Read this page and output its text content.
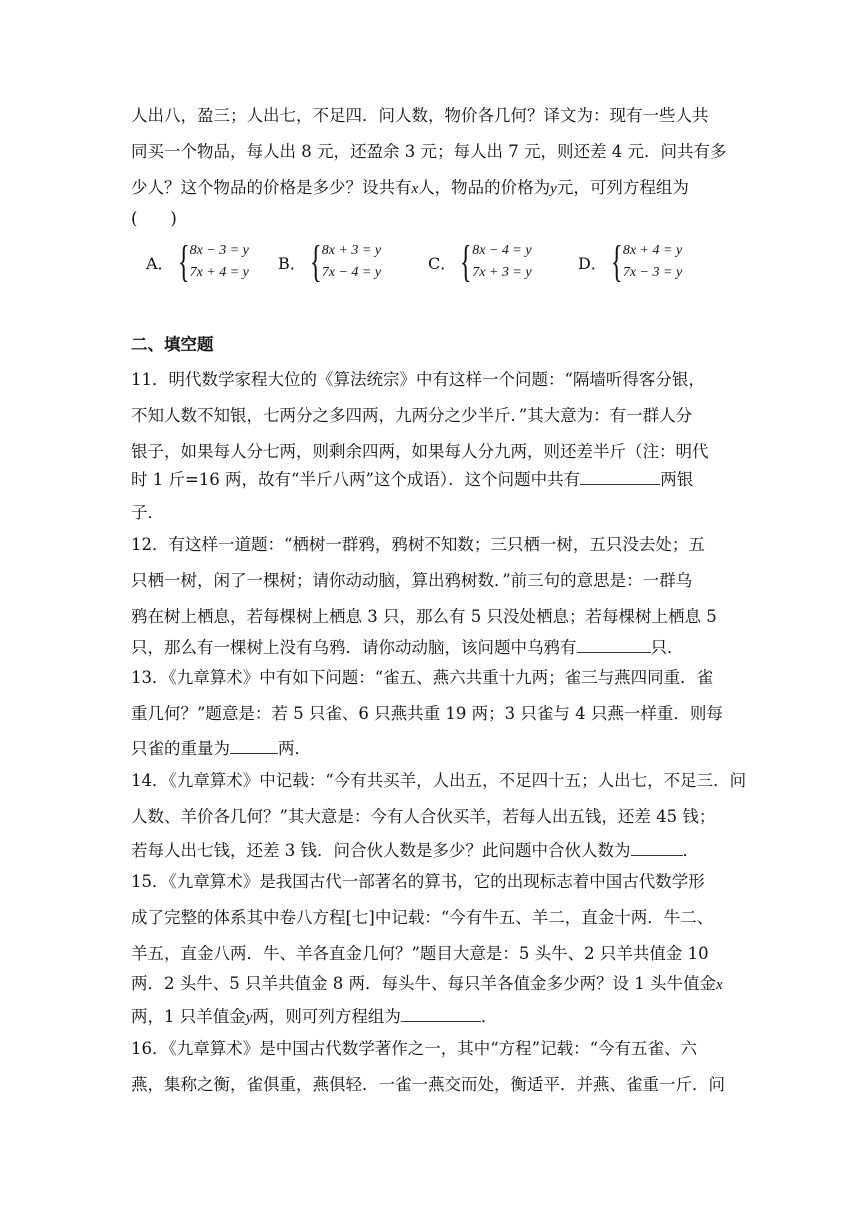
人出八，盈三；人出七，不足四．问人数，物价各几何？译文为：现有一些人共
同买一个物品，每人出 8 元，还盈余 3 元；每人出 7 元，则还差 4 元．问共有多
少人？这个物品的价格是多少？设共有x人，物品的价格为y元，可列方程组为
(　　)
A． { 8x − 3 = y
7x + 4 = y B． { 8x + 3 = y
7x − 4 = y	C． { 8x − 4 = y
7x + 3 = y	D． { 8x + 4 = y
7x − 3 = y
二、填空题
11．明代数学家程大位的《算法统宗》中有这样一个问题：“隔墙听得客分银，
不知人数不知银，七两分之多四两，九两分之少半斤．”其大意为：有一群人分
银子，如果每人分七两，则剩余四两，如果每人分九两，则还差半斤（注：明代
时 1 斤=16 两，故有“半斤八两”这个成语）．这个问题中共有	两银
子．
12．有这样一道题：“栖树一群鸦，鸦树不知数；三只栖一树，五只没去处；五
只栖一树，闲了一棵树；请你动动脑，算出鸦树数．”前三句的意思是：一群乌
鸦在树上栖息，若每棵树上栖息 3 只，那么有 5 只没处栖息；若每棵树上栖息 5
只，那么有一棵树上没有乌鸦．请你动动脑，该问题中乌鸦有	只．
13．《九章算术》中有如下问题：“雀五、燕六共重十九两；雀三与燕四同重．雀
重几何？”题意是：若 5 只雀、6 只燕共重 19 两；3 只雀与 4 只燕一样重．则每
只雀的重量为	两．
14．《九章算术》中记载：“今有共买羊，人出五，不足四十五；人出七，不足三．问
人数、羊价各几何？”其大意是：今有人合伙买羊，若每人出五钱，还差 45 钱；
若每人出七钱，还差 3 钱．问合伙人数是多少？此问题中合伙人数为	．
15．《九章算术》是我国古代一部著名的算书，它的出现标志着中国古代数学形
成了完整的体系其中卷八方程[七]中记载：“今有牛五、羊二，直金十两．牛二、
羊五，直金八两．牛、羊各直金几何？”题目大意是：5 头牛、2 只羊共值金 10
两．2 头牛、5 只羊共值金 8 两．每头牛、每只羊各值金多少两？设 1 头牛值金x
两，1 只羊值金y两，则可列方程组为	．
16．《九章算术》是中国古代数学著作之一，其中“方程”记载：“今有五雀、六
燕，集称之衡，雀俱重，燕俱轻．一雀一燕交而处，衡适平．并燕、雀重一斤．问
